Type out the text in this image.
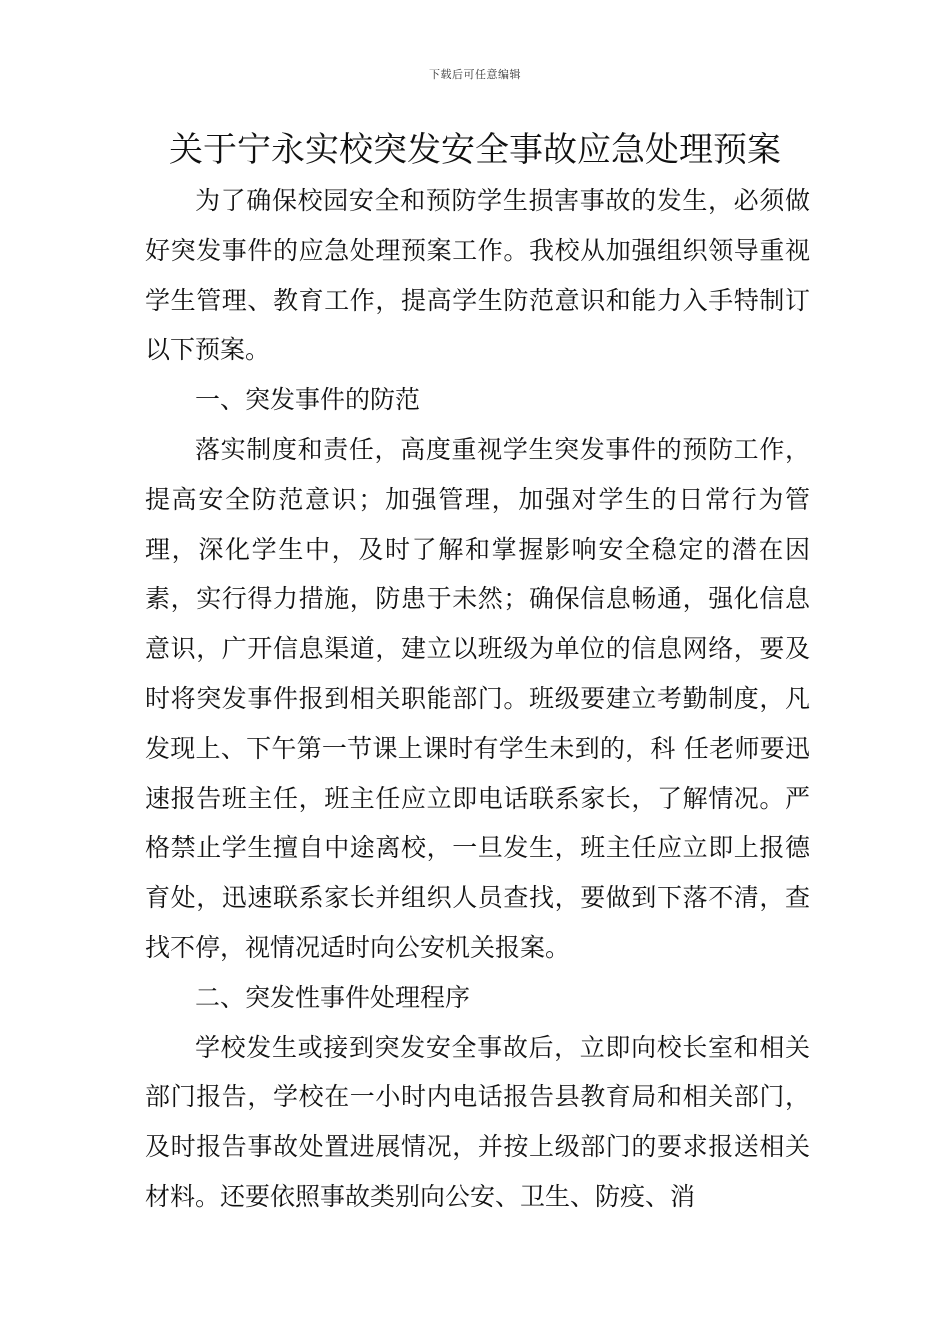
下载后可任意编辑
关于宁永实校突发安全事故应急处理预案

为了确保校园安全和预防学生损害事故的发生，必须做好突发事件的应急处理预案工作。我校从加强组织领导重视学生管理、教育工作，提高学生防范意识和能力入手特制订以下预案。

一、突发事件的防范

落实制度和责任，高度重视学生突发事件的预防工作，提高安全防范意识；加强管理，加强对学生的日常行为管理，深化学生中，及时了解和掌握影响安全稳定的潜在因素，实行得力措施，防患于未然；确保信息畅通，强化信息意识，广开信息渠道，建立以班级为单位的信息网络，要及时将突发事件报到相关职能部门。班级要建立考勤制度，凡发现上、下午第一节课上课时有学生未到的，科 任老师要迅速报告班主任，班主任应立即电话联系家长，了解情况。严格禁止学生擅自中途离校，一旦发生，班主任应立即上报德育处，迅速联系家长并组织人员查找，要做到下落不清，查找不停，视情况适时向公安机关报案。

二、突发性事件处理程序

学校发生或接到突发安全事故后，立即向校长室和相关部门报告，学校在一小时内电话报告县教育局和相关部门，及时报告事故处置进展情况，并按上级部门的要求报送相关材料。还要依照事故类别向公安、卫生、防疫、消
